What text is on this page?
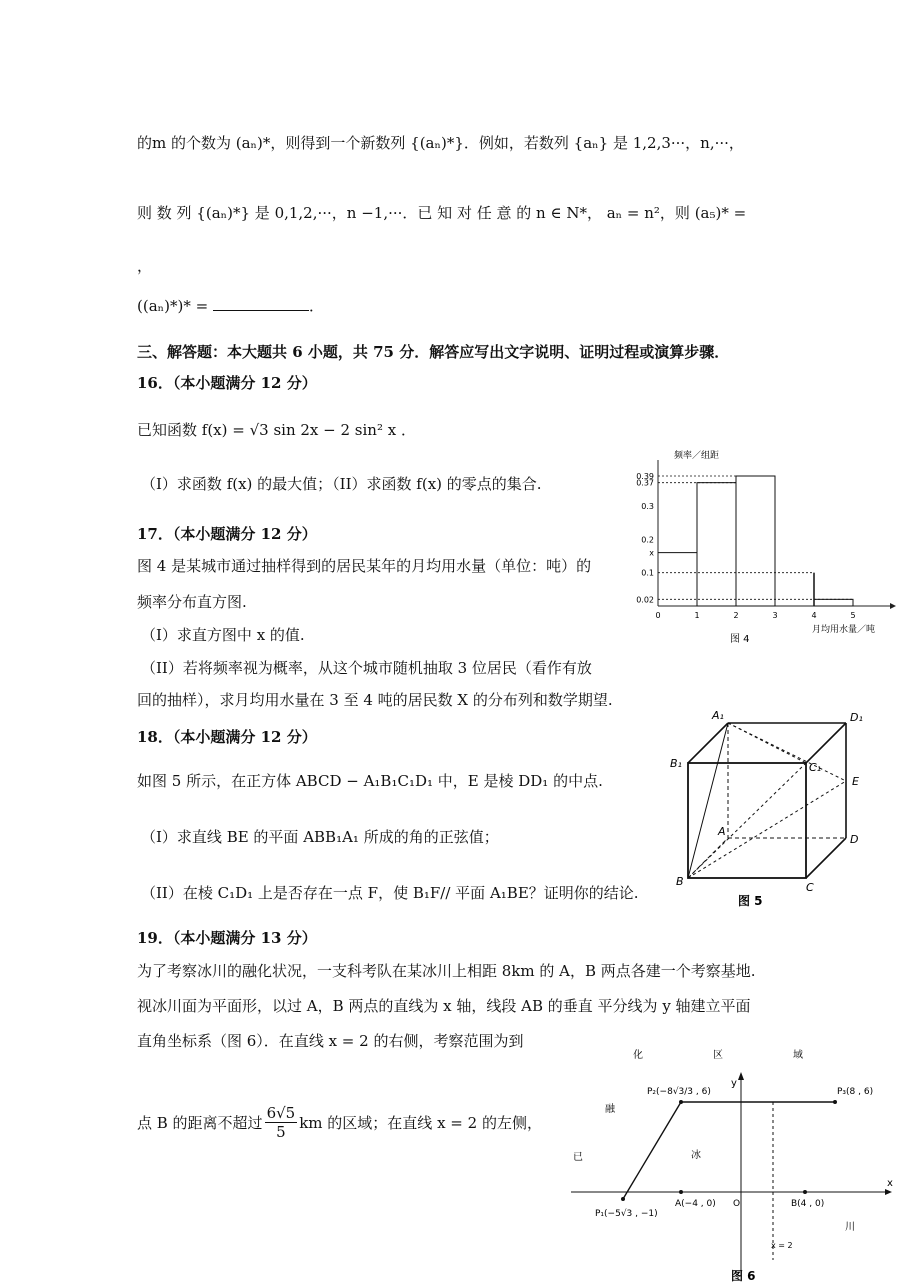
的m 的个数为 (aₙ)*，则得到一个新数列 {(aₙ)*}．例如，若数列 {aₙ} 是 1,2,3···，n,···，
则 数 列 {(aₙ)*} 是 0,1,2,···，n −1,···．已 知 对 任 意 的 n ∈ N*， aₙ = n²，则 (a₅)* =
，
((aₙ)*)* =	．
三、解答题：本大题共 6 小题，共 75 分．解答应写出文字说明、证明过程或演算步骤．
16．（本小题满分 12 分）
已知函数 f(x) = √3 sin 2x − 2 sin² x ．
（I）求函数 f(x) 的最大值；（II）求函数 f(x) 的零点的集合.
17．（本小题满分 12 分）
图 4 是某城市通过抽样得到的居民某年的月均用水量（单位：吨）的
频率分布直方图.
（I）求直方图中 x 的值.
（II）若将频率视为概率，从这个城市随机抽取 3 位居民（看作有放
回的抽样），求月均用水量在 3 至 4 吨的居民数 X 的分布列和数学期望.
18．（本小题满分 12 分）
如图 5 所示，在正方体 ABCD − A₁B₁C₁D₁ 中，E 是棱 DD₁ 的中点.
（I）求直线 BE 的平面 ABB₁A₁ 所成的角的正弦值；
（II）在棱 C₁D₁ 上是否存在一点 F，使 B₁F// 平面 A₁BE？证明你的结论.
19．（本小题满分 13 分）
为了考察冰川的融化状况，一支科考队在某冰川上相距 8km 的 A，B 两点各建一个考察基地.
视冰川面为平面形，以过 A，B 两点的直线为 x 轴，线段 AB 的垂直 平分线为 y 轴建立平面
直角坐标系（图 6）．在直线 x = 2 的右侧，考察范围为到
点 B 的距离不超过 $\frac{6√5}{5}$ km 的区域；在直线 x = 2 的左侧，
频率／组距
0.39
0.37
0.3
0.2
x
0.1
0.02
0	1	2	3	4	5
月均用水量／吨
图 4
A₁	D₁
B₁	C₁
E
A
D
B	C
图 5
化	区	域
融
冰
已
川
x
y
P₂(−8√3/3 , 6)	P₃(8 , 6)
P₁(−5√3 , −1)
A(−4 , 0) O	B(4 , 0)
x = 2
图 6
